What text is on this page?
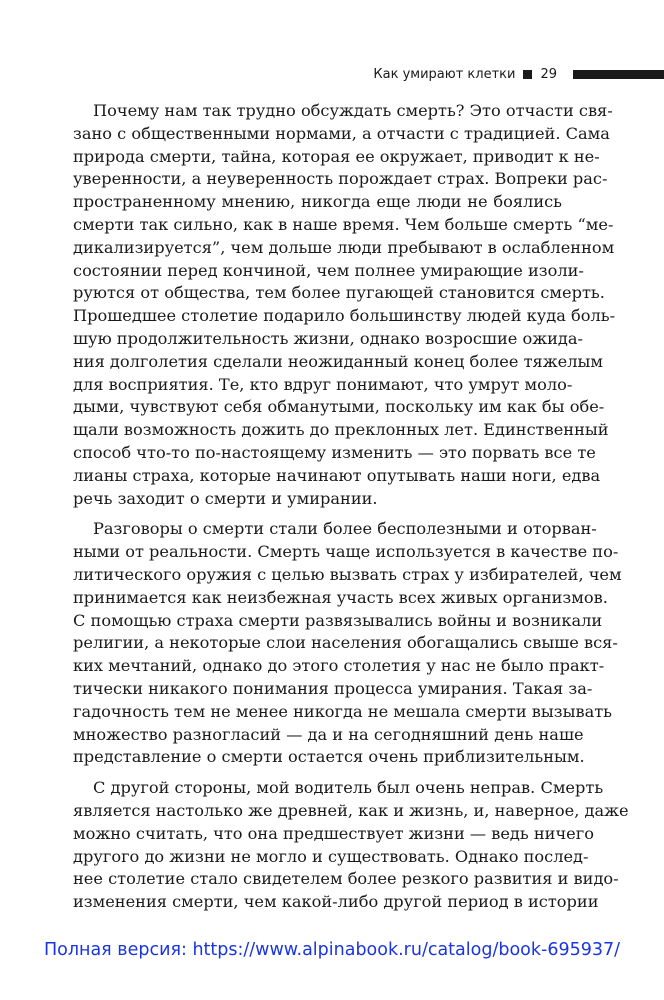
Как умирают клетки 29
Почему нам так трудно обсуждать смерть? Это отчасти свя-
зано с общественными нормами, а отчасти с традицией. Сама
природа смерти, тайна, которая ее окружает, приводит к не-
уверенности, а неуверенность порождает страх. Вопреки рас-
пространенному мнению, никогда еще люди не боялись
смерти так сильно, как в наше время. Чем больше смерть “ме-
дикализируется”, чем дольше люди пребывают в ослабленном
состоянии перед кончиной, чем полнее умирающие изоли-
руются от общества, тем более пугающей становится смерть.
Прошедшее столетие подарило большинству людей куда боль-
шую продолжительность жизни, однако возросшие ожида-
ния долголетия сделали неожиданный конец более тяжелым
для восприятия. Те, кто вдруг понимают, что умрут моло-
дыми, чувствуют себя обманутыми, поскольку им как бы обе-
щали возможность дожить до преклонных лет. Единственный
способ что-то по-настоящему изменить — это порвать все те
лианы страха, которые начинают опутывать наши ноги, едва
речь заходит о смерти и умирании.
Разговоры о смерти стали более бесполезными и оторван-
ными от реальности. Смерть чаще используется в качестве по-
литического оружия с целью вызвать страх у избирателей, чем
принимается как неизбежная участь всех живых организмов.
С помощью страха смерти развязывались войны и возникали
религии, а некоторые слои населения обогащались свыше вся-
ких мечтаний, однако до этого столетия у нас не было практ-
тически никакого понимания процесса умирания. Такая за-
гадочность тем не менее никогда не мешала смерти вызывать
множество разногласий — да и на сегодняшний день наше
представление о смерти остается очень приблизительным.
С другой стороны, мой водитель был очень неправ. Смерть
является настолько же древней, как и жизнь, и, наверное, даже
можно считать, что она предшествует жизни — ведь ничего
другого до жизни не могло и существовать. Однако послед-
нее столетие стало свидетелем более резкого развития и видо-
изменения смерти, чем какой-либо другой период в истории
Полная версия: https://www.alpinabook.ru/catalog/book-695937/
